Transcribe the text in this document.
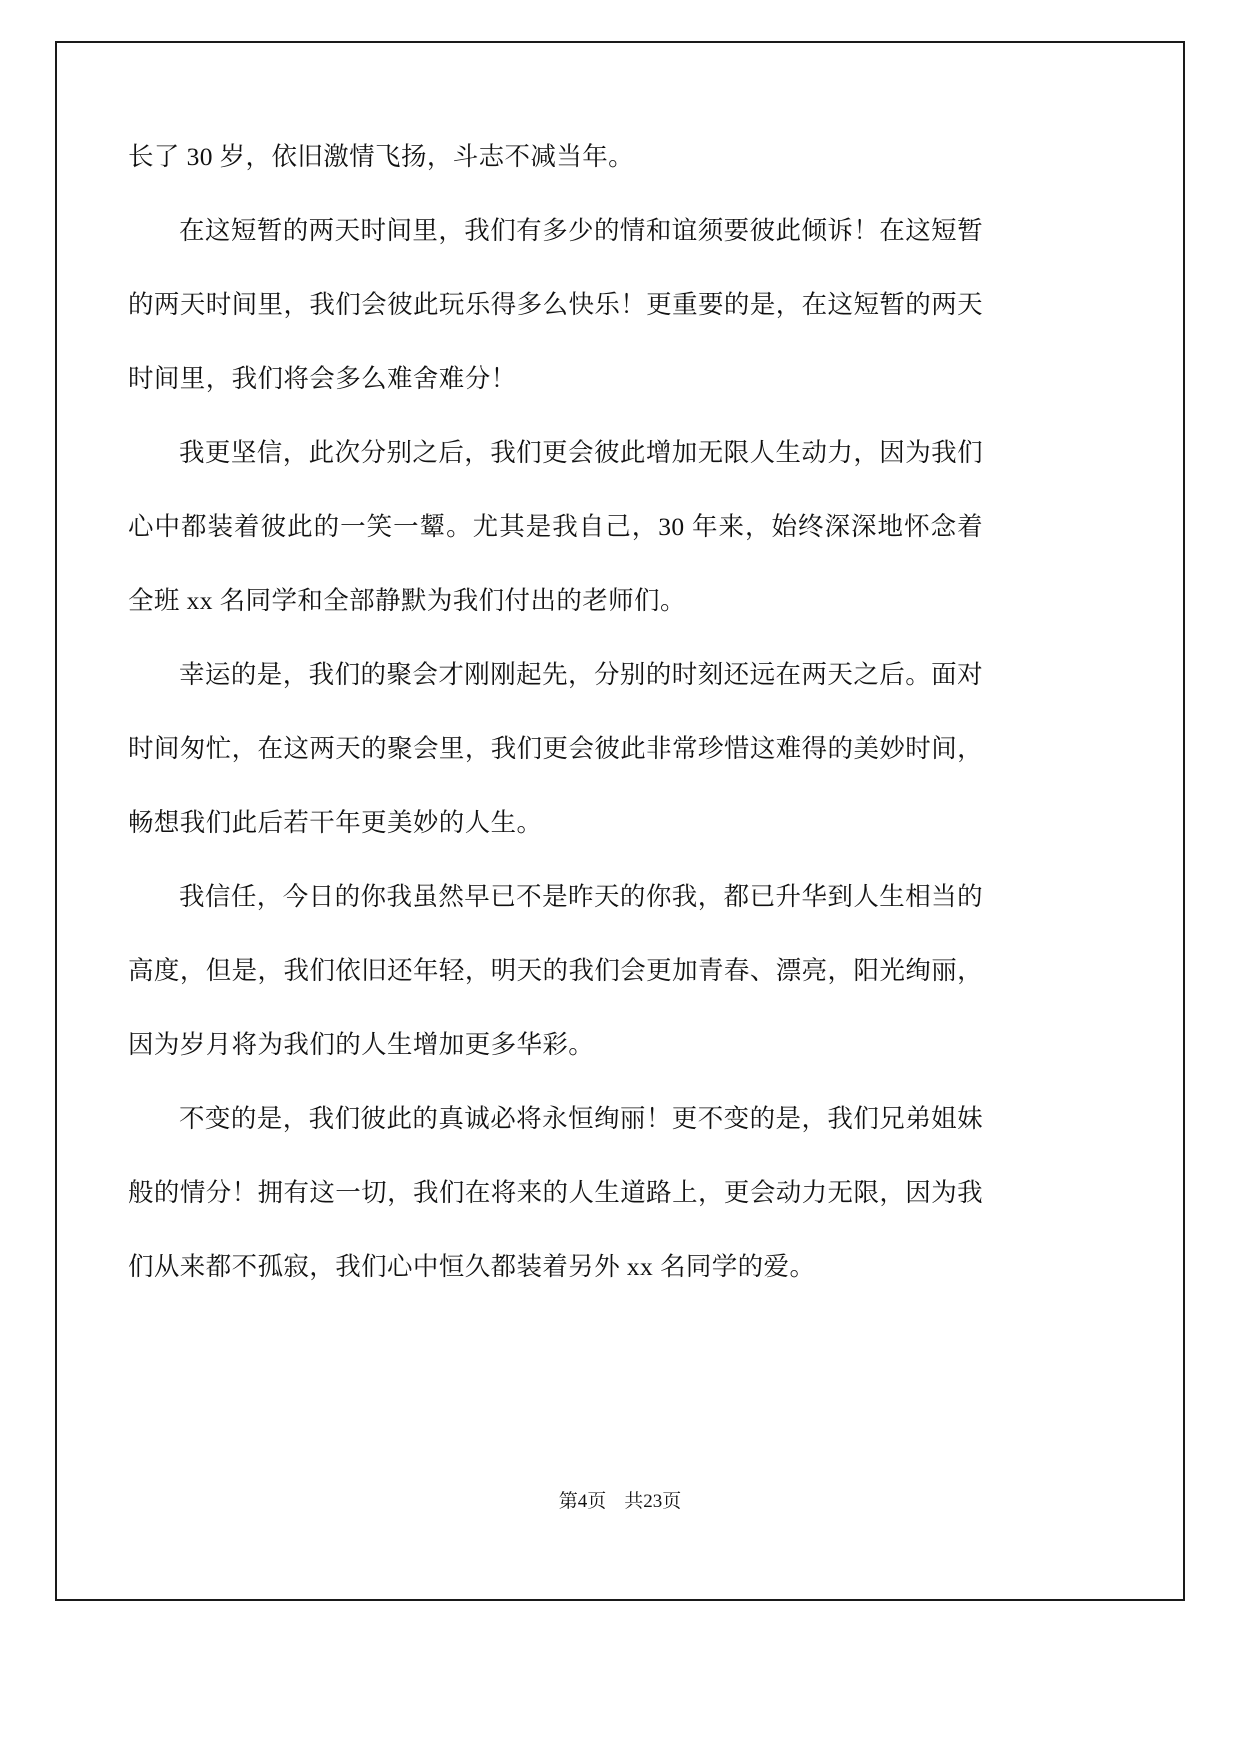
长了 30 岁，依旧激情飞扬，斗志不减当年。

在这短暂的两天时间里，我们有多少的情和谊须要彼此倾诉！在这短暂的两天时间里，我们会彼此玩乐得多么快乐！更重要的是，在这短暂的两天时间里，我们将会多么难舍难分！

我更坚信，此次分别之后，我们更会彼此增加无限人生动力，因为我们心中都装着彼此的一笑一颦。尤其是我自己，30 年来，始终深深地怀念着全班 xx 名同学和全部静默为我们付出的老师们。

幸运的是，我们的聚会才刚刚起先，分别的时刻还远在两天之后。面对时间匆忙，在这两天的聚会里，我们更会彼此非常珍惜这难得的美妙时间，畅想我们此后若干年更美妙的人生。

我信任，今日的你我虽然早已不是昨天的你我，都已升华到人生相当的高度，但是，我们依旧还年轻，明天的我们会更加青春、漂亮，阳光绚丽，因为岁月将为我们的人生增加更多华彩。

不变的是，我们彼此的真诚必将永恒绚丽！更不变的是，我们兄弟姐妹般的情分！拥有这一切，我们在将来的人生道路上，更会动力无限，因为我们从来都不孤寂，我们心中恒久都装着另外 xx 名同学的爱。

第4页 共23页
